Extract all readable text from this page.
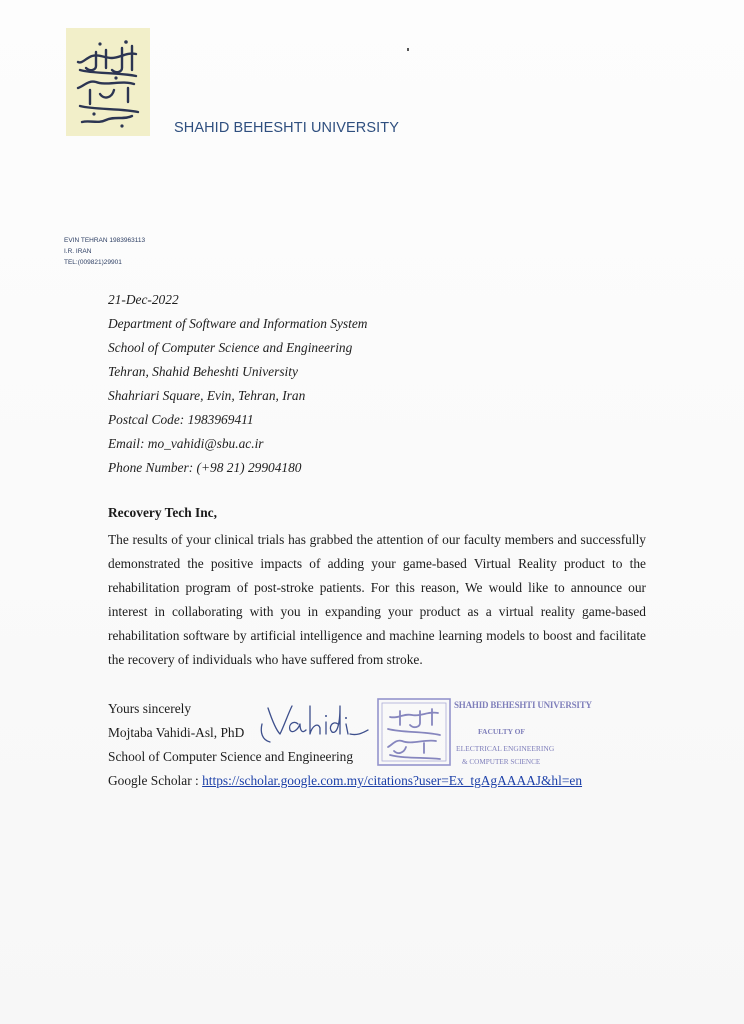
SHAHID BEHESHTI UNIVERSITY
EVIN TEHRAN 1983963113
I.R. IRAN
TEL:(009821)29901
21-Dec-2022
Department of Software and Information System
School of Computer Science and Engineering
Tehran, Shahid Beheshti University
Shahriari Square, Evin, Tehran, Iran
Postcal Code: 1983969411
Email: mo_vahidi@sbu.ac.ir
Phone Number: (+98 21) 29904180
Recovery Tech Inc,
The results of your clinical trials has grabbed the attention of our faculty members and successfully demonstrated the positive impacts of adding your game-based Virtual Reality product to the rehabilitation program of post-stroke patients. For this reason, We would like to announce our interest in collaborating with you in expanding your product as a virtual reality game-based rehabilitation software by artificial intelligence and machine learning models to boost and facilitate the recovery of individuals who have suffered from stroke.
Yours sincerely
Mojtaba Vahidi-Asl, PhD
School of Computer Science and Engineering
Google Scholar : https://scholar.google.com.my/citations?user=Ex_tgAgAAAAJ&hl=en
SHAHID BEHESHTI UNIVERSITY
FACULTY OF
ELECTRICAL ENGINEERING
& COMPUTER SCIENCE
